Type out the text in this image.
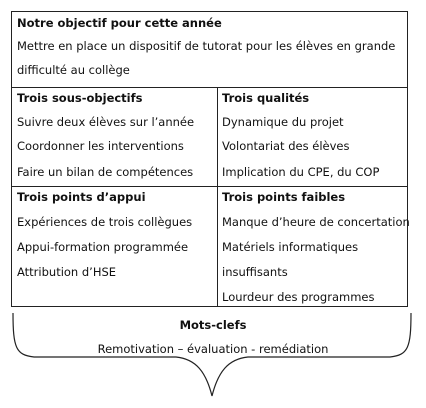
Notre objectif pour cette année
Mettre en place un dispositif de tutorat pour les élèves en grande
difficulté au collège
Trois sous-objectifs
Suivre deux élèves sur l’année
Coordonner les interventions
Faire un bilan de compétences
Trois qualités
Dynamique du projet
Volontariat des élèves
Implication du CPE, du COP
Trois points d’appui
Expériences de trois collègues
Appui-formation programmée
Attribution d’HSE
Trois points faibles
Manque d’heure de concertation
Matériels informatiques
insuffisants
Lourdeur des programmes
Mots-clefs
Remotivation – évaluation - remédiation
